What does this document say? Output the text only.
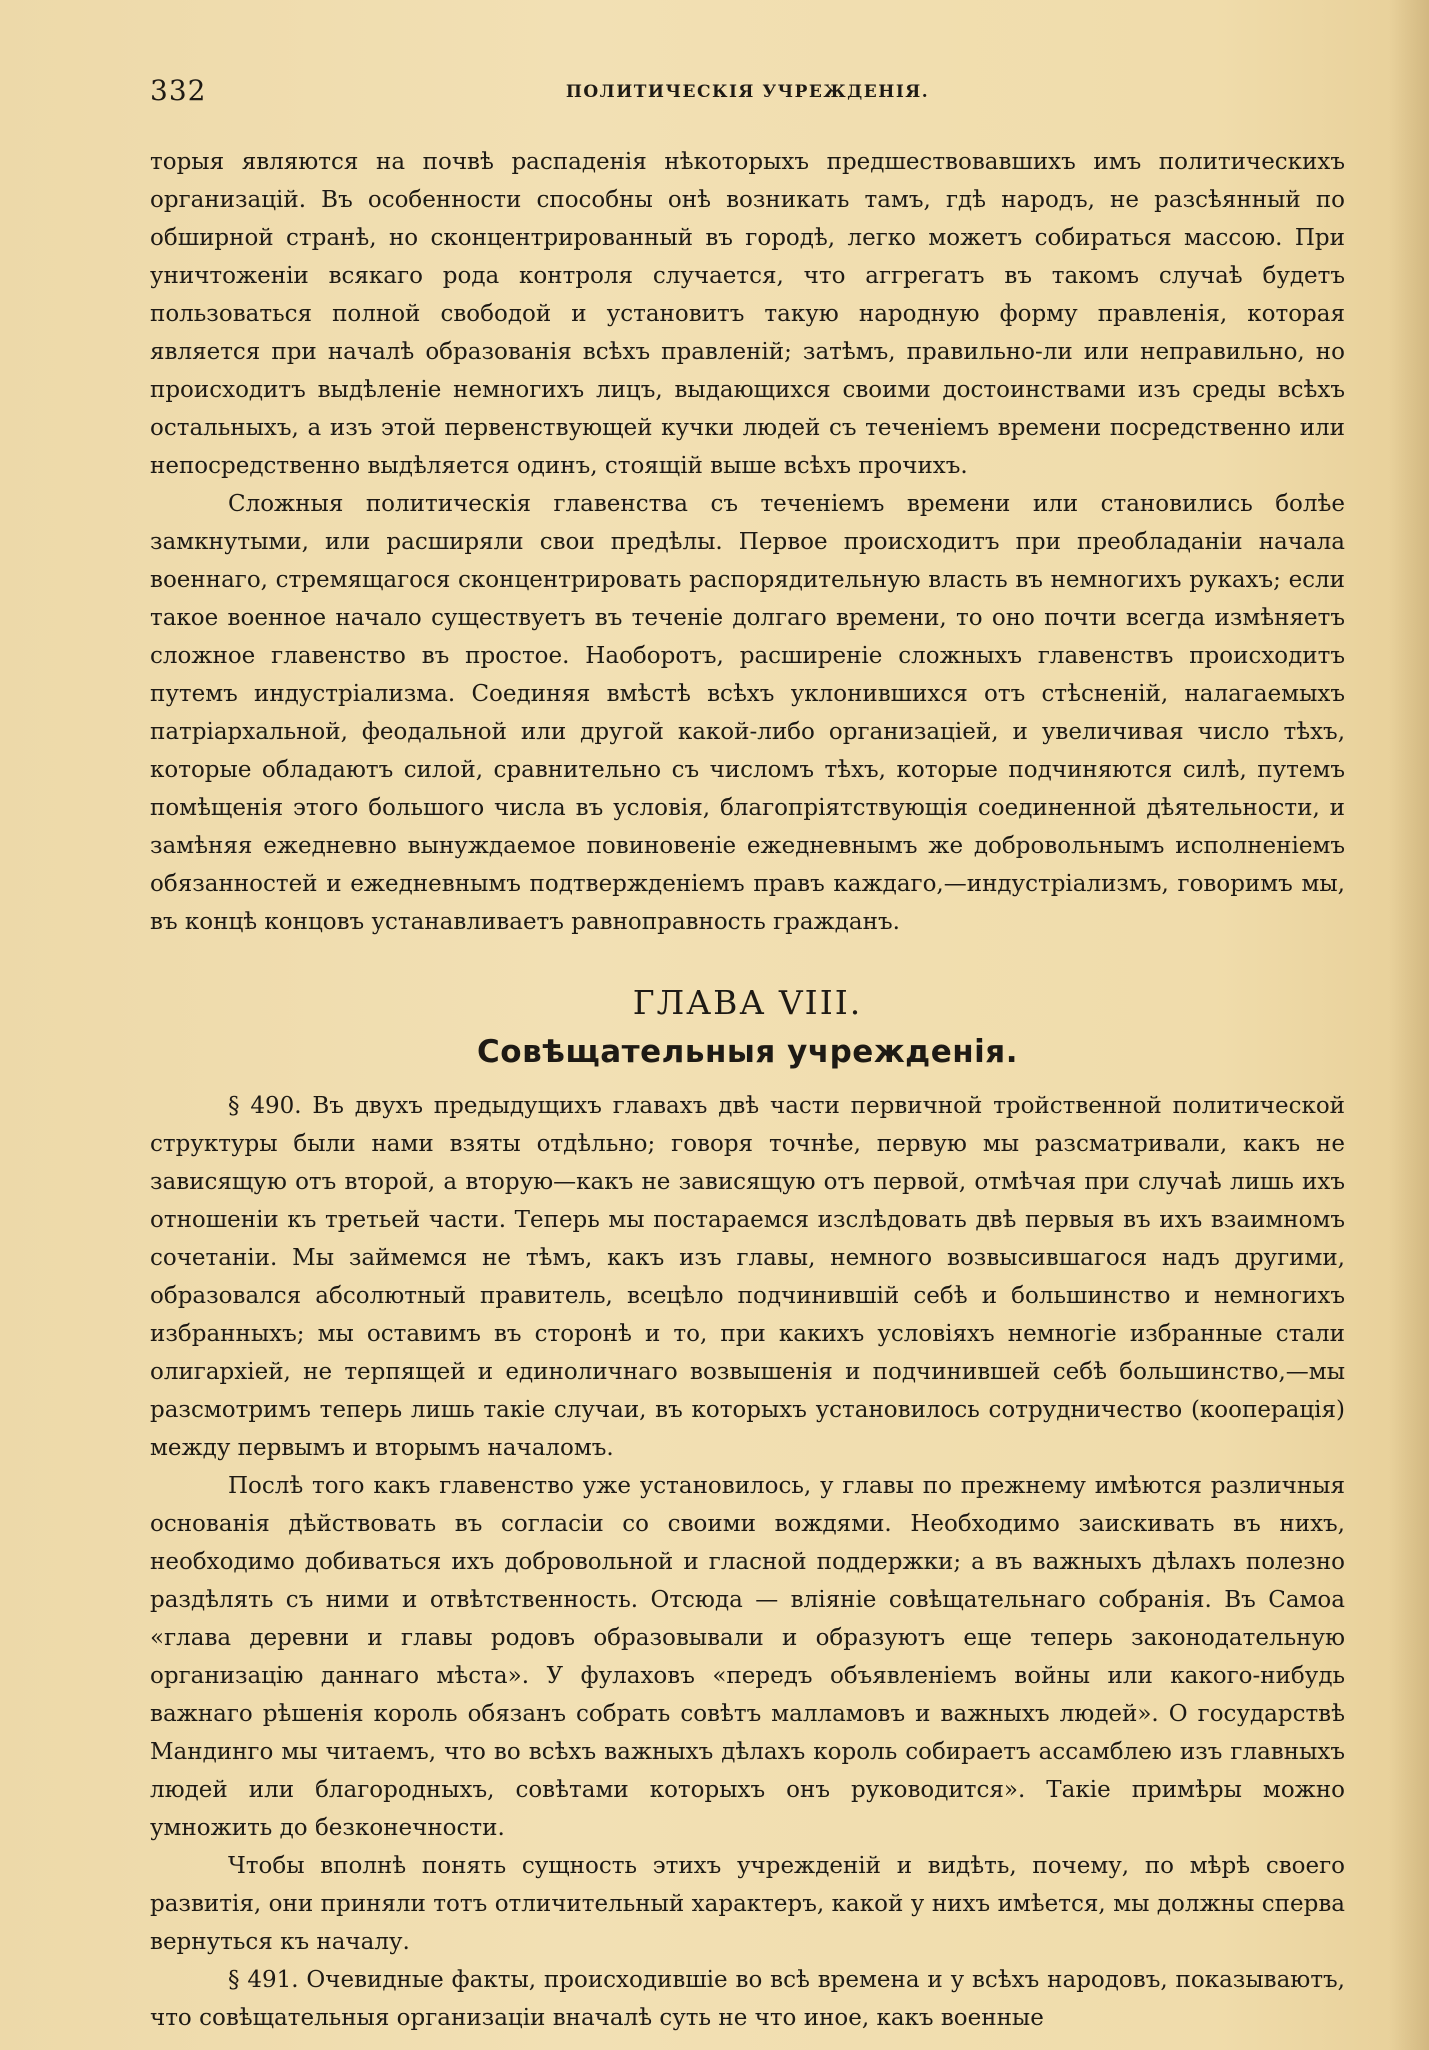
332	ПОЛИТИЧЕСКІЯ УЧРЕЖДЕНІЯ.

торыя являются на почвѣ распаденія нѣкоторыхъ предшествовавшихъ имъ политическихъ организацій. Въ особенности способны онѣ возникать тамъ, гдѣ народъ, не разсѣянный по обширной странѣ, но сконцентрированный въ городѣ, легко можетъ собираться массою. При уничтоженіи всякаго рода контроля случается, что аггрегатъ въ такомъ случаѣ будетъ пользоваться полной свободой и установитъ такую народную форму правленія, которая является при началѣ образованія всѣхъ правленій; затѣмъ, правильно-ли или неправильно, но происходитъ выдѣленіе немногихъ лицъ, выдающихся своими достоинствами изъ среды всѣхъ остальныхъ, а изъ этой первенствующей кучки людей съ теченіемъ времени посредственно или непосредственно выдѣляется одинъ, стоящій выше всѣхъ прочихъ.

Сложныя политическія главенства съ теченіемъ времени или становились болѣе замкнутыми, или расширяли свои предѣлы. Первое происходитъ при преобладаніи начала военнаго, стремящагося сконцентрировать распорядительную власть въ немногихъ рукахъ; если такое военное начало существуетъ въ теченіе долгаго времени, то оно почти всегда измѣняетъ сложное главенство въ простое. Наоборотъ, расширеніе сложныхъ главенствъ происходитъ путемъ индустріализма. Соединяя вмѣстѣ всѣхъ уклонившихся отъ стѣсненій, налагаемыхъ патріархальной, феодальной или другой какой-либо организаціей, и увеличивая число тѣхъ, которые обладаютъ силой, сравнительно съ числомъ тѣхъ, которые подчиняются силѣ, путемъ помѣщенія этого большого числа въ условія, благопріятствующія соединенной дѣятельности, и замѣняя ежедневно вынуждаемое повиновеніе ежедневнымъ же добровольнымъ исполненіемъ обязанностей и ежедневнымъ подтвержденіемъ правъ каждаго,—индустріализмъ, говоримъ мы, въ концѣ концовъ устанавливаетъ равноправность гражданъ.

ГЛАВА VIII.
Совѣщательныя учрежденія.

§ 490. Въ двухъ предыдущихъ главахъ двѣ части первичной тройственной политической структуры были нами взяты отдѣльно; говоря точнѣе, первую мы разсматривали, какъ не зависящую отъ второй, а вторую—какъ не зависящую отъ первой, отмѣчая при случаѣ лишь ихъ отношеніи къ третьей части. Теперь мы постараемся изслѣдовать двѣ первыя въ ихъ взаимномъ сочетаніи. Мы займемся не тѣмъ, какъ изъ главы, немного возвысившагося надъ другими, образовался абсолютный правитель, всецѣло подчинившій себѣ и большинство и немногихъ избранныхъ; мы оставимъ въ сторонѣ и то, при какихъ условіяхъ немногіе избранные стали олигархіей, не терпящей и единоличнаго возвышенія и подчинившей себѣ большинство,—мы разсмотримъ теперь лишь такіе случаи, въ которыхъ установилось сотрудничество (кооперація) между первымъ и вторымъ началомъ.

Послѣ того какъ главенство уже установилось, у главы по прежнему имѣются различныя основанія дѣйствовать въ согласіи со своими вождями. Необходимо заискивать въ нихъ, необходимо добиваться ихъ добровольной и гласной поддержки; а въ важныхъ дѣлахъ полезно раздѣлять съ ними и отвѣтственность. Отсюда — вліяніе совѣщательнаго собранія. Въ Самоа «глава деревни и главы родовъ образовывали и образуютъ еще теперь законодательную организацію даннаго мѣста». У фулаховъ «передъ объявленіемъ войны или какого-нибудь важнаго рѣшенія король обязанъ собрать совѣтъ малламовъ и важныхъ людей». О государствѣ Мандинго мы читаемъ, что во всѣхъ важныхъ дѣлахъ король собираетъ ассамблею изъ главныхъ людей или благородныхъ, совѣтами которыхъ онъ руководится». Такіе примѣры можно умножить до безконечности.

Чтобы вполнѣ понять сущность этихъ учрежденій и видѣть, почему, по мѣрѣ своего развитія, они приняли тотъ отличительный характеръ, какой у нихъ имѣется, мы должны сперва вернуться къ началу.

§ 491. Очевидные факты, происходившіе во всѣ времена и у всѣхъ народовъ, показываютъ, что совѣщательныя организаціи вначалѣ суть не что иное, какъ военные
